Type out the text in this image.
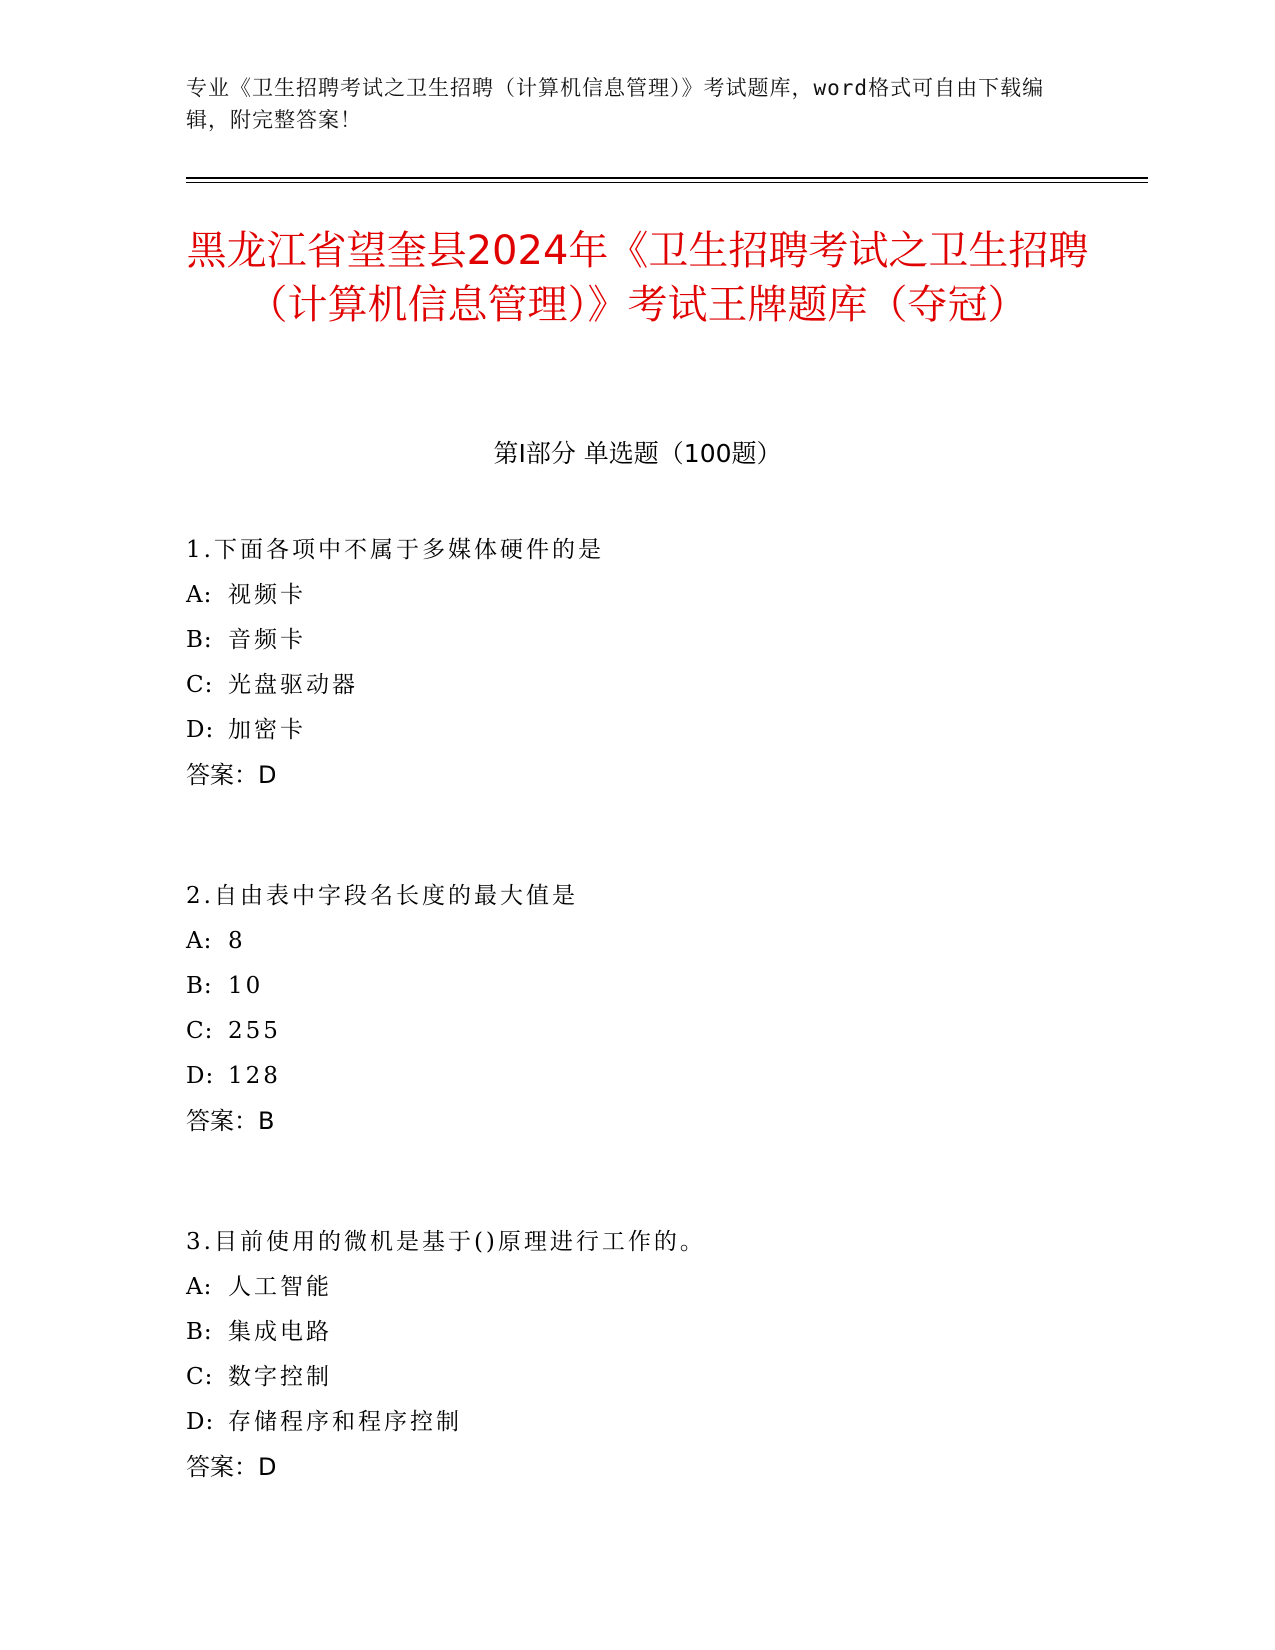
专业《卫生招聘考试之卫生招聘（计算机信息管理）》考试题库，word格式可自由下载编辑，附完整答案！
黑龙江省望奎县2024年《卫生招聘考试之卫生招聘（计算机信息管理）》考试王牌题库（夺冠）
第I部分 单选题（100题）
1.下面各项中不属于多媒体硬件的是
A: 视频卡
B: 音频卡
C: 光盘驱动器
D: 加密卡
答案：D
2.自由表中字段名长度的最大值是
A: 8
B: 10
C: 255
D: 128
答案：B
3.目前使用的微机是基于()原理进行工作的。
A: 人工智能
B: 集成电路
C: 数字控制
D: 存储程序和程序控制
答案：D
